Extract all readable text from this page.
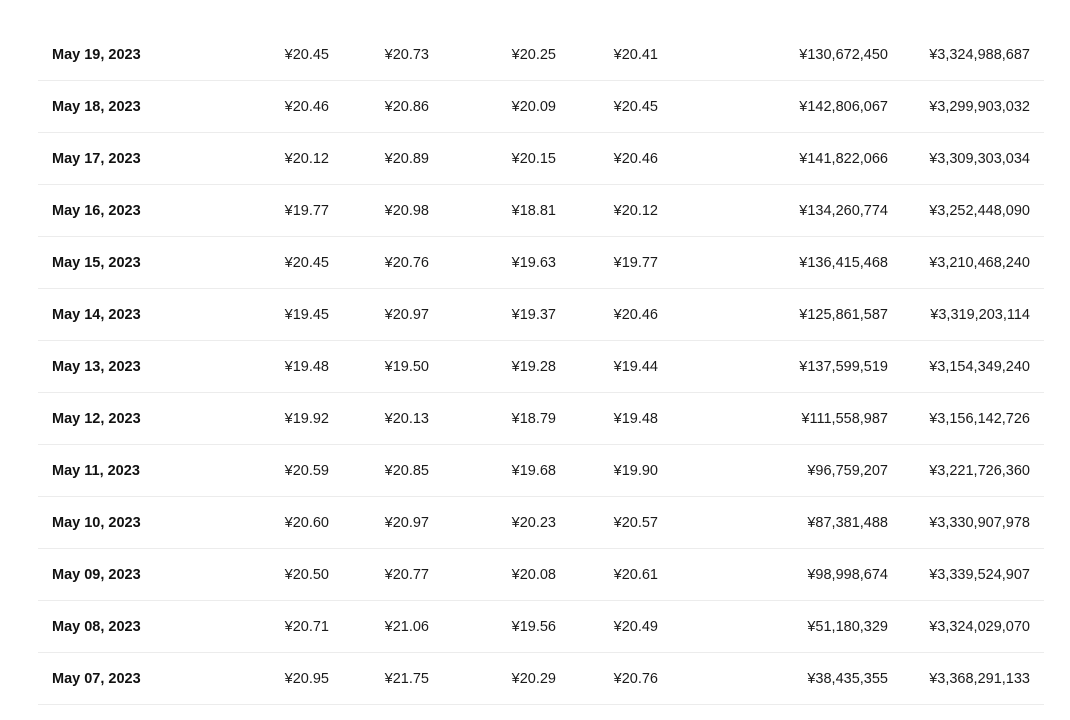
May 19, 2023	¥20.45	¥20.73	¥20.25	¥20.41	¥130,672,450	¥3,324,988,687
May 18, 2023	¥20.46	¥20.86	¥20.09	¥20.45	¥142,806,067	¥3,299,903,032
May 17, 2023	¥20.12	¥20.89	¥20.15	¥20.46	¥141,822,066	¥3,309,303,034
May 16, 2023	¥19.77	¥20.98	¥18.81	¥20.12	¥134,260,774	¥3,252,448,090
May 15, 2023	¥20.45	¥20.76	¥19.63	¥19.77	¥136,415,468	¥3,210,468,240
May 14, 2023	¥19.45	¥20.97	¥19.37	¥20.46	¥125,861,587	¥3,319,203,114
May 13, 2023	¥19.48	¥19.50	¥19.28	¥19.44	¥137,599,519	¥3,154,349,240
May 12, 2023	¥19.92	¥20.13	¥18.79	¥19.48	¥111,558,987	¥3,156,142,726
May 11, 2023	¥20.59	¥20.85	¥19.68	¥19.90	¥96,759,207	¥3,221,726,360
May 10, 2023	¥20.60	¥20.97	¥20.23	¥20.57	¥87,381,488	¥3,330,907,978
May 09, 2023	¥20.50	¥20.77	¥20.08	¥20.61	¥98,998,674	¥3,339,524,907
May 08, 2023	¥20.71	¥21.06	¥19.56	¥20.49	¥51,180,329	¥3,324,029,070
May 07, 2023	¥20.95	¥21.75	¥20.29	¥20.76	¥38,435,355	¥3,368,291,133
